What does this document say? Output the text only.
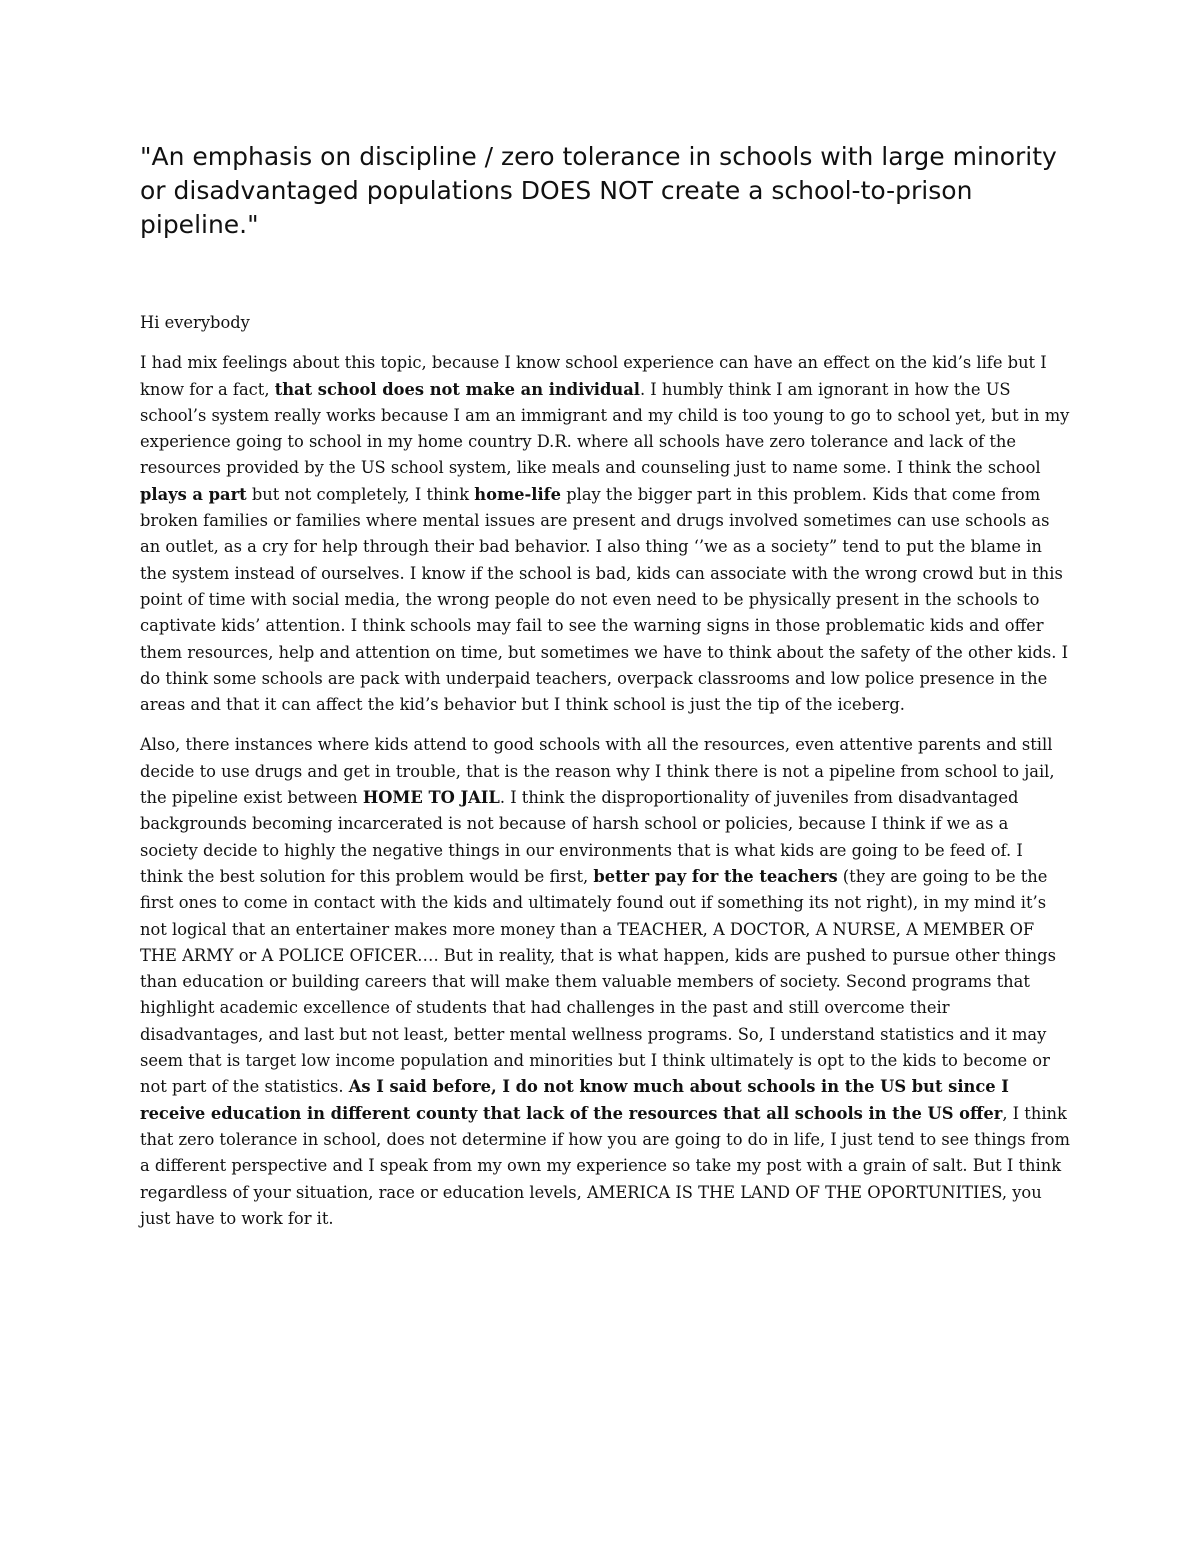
"An emphasis on discipline / zero tolerance in schools with large minority or disadvantaged populations DOES NOT create a school-to-prison pipeline."

Hi everybody

I had mix feelings about this topic, because I know school experience can have an effect on the kid’s life but I know for a fact, that school does not make an individual. I humbly think I am ignorant in how the US school’s system really works because I am an immigrant and my child is too young to go to school yet, but in my experience going to school in my home country D.R. where all schools have zero tolerance and lack of the resources provided by the US school system, like meals and counseling just to name some. I think the school plays a part but not completely, I think home-life play the bigger part in this problem. Kids that come from broken families or families where mental issues are present and drugs involved sometimes can use schools as an outlet, as a cry for help through their bad behavior. I also thing ‘’we as a society” tend to put the blame in the system instead of ourselves. I know if the school is bad, kids can associate with the wrong crowd but in this point of time with social media, the wrong people do not even need to be physically present in the schools to captivate kids’ attention. I think schools may fail to see the warning signs in those problematic kids and offer them resources, help and attention on time, but sometimes we have to think about the safety of the other kids. I do think some schools are pack with underpaid teachers, overpack classrooms and low police presence in the areas and that it can affect the kid’s behavior but I think school is just the tip of the iceberg.

Also, there instances where kids attend to good schools with all the resources, even attentive parents and still decide to use drugs and get in trouble, that is the reason why I think there is not a pipeline from school to jail, the pipeline exist between HOME TO JAIL. I think the disproportionality of juveniles from disadvantaged backgrounds becoming incarcerated is not because of harsh school or policies, because I think if we as a society decide to highly the negative things in our environments that is what kids are going to be feed of. I think the best solution for this problem would be first, better pay for the teachers (they are going to be the first ones to come in contact with the kids and ultimately found out if something its not right), in my mind it’s not logical that an entertainer makes more money than a TEACHER, A DOCTOR, A NURSE, A MEMBER OF THE ARMY or A POLICE OFICER…. But in reality, that is what happen, kids are pushed to pursue other things than education or building careers that will make them valuable members of society. Second programs that highlight academic excellence of students that had challenges in the past and still overcome their disadvantages, and last but not least, better mental wellness programs. So, I understand statistics and it may seem that is target low income population and minorities but I think ultimately is opt to the kids to become or not part of the statistics. As I said before, I do not know much about schools in the US but since I receive education in different county that lack of the resources that all schools in the US offer, I think that zero tolerance in school, does not determine if how you are going to do in life, I just tend to see things from a different perspective and I speak from my own my experience so take my post with a grain of salt. But I think regardless of your situation, race or education levels, AMERICA IS THE LAND OF THE OPORTUNITIES, you just have to work for it.
